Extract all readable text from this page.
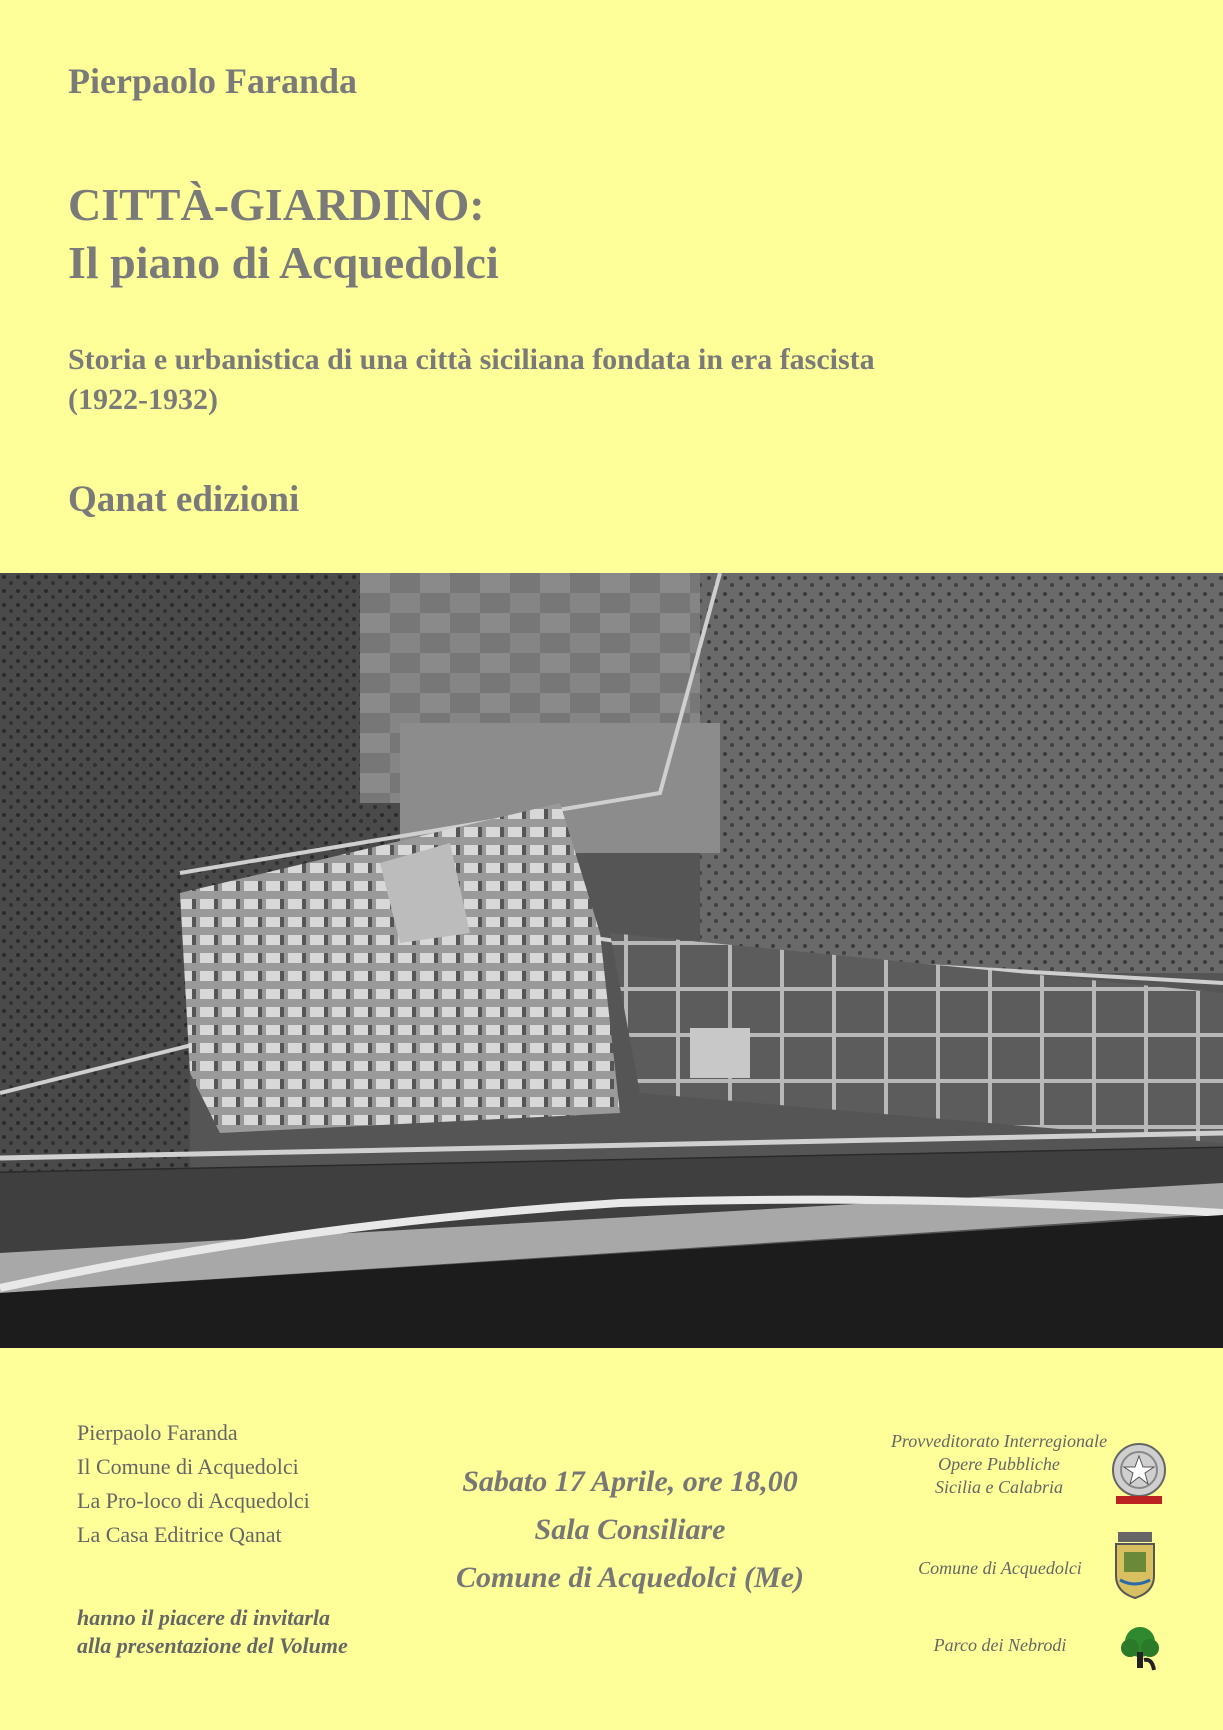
Pierpaolo Faranda
CITTÀ-GIARDINO:
Il piano di Acquedolci
Storia e urbanistica di una città siciliana fondata in era fascista
(1922-1932)
Qanat edizioni
Pierpaolo Faranda
Il Comune di Acquedolci
La Pro-loco di Acquedolci
La Casa Editrice Qanat
hanno il piacere di invitarla
alla presentazione del Volume
Sabato 17 Aprile, ore 18,00
Sala Consiliare
Comune di Acquedolci (Me)
Provveditorato Interregionale
Opere Pubbliche
Sicilia e Calabria
Comune di Acquedolci
Parco dei Nebrodi
